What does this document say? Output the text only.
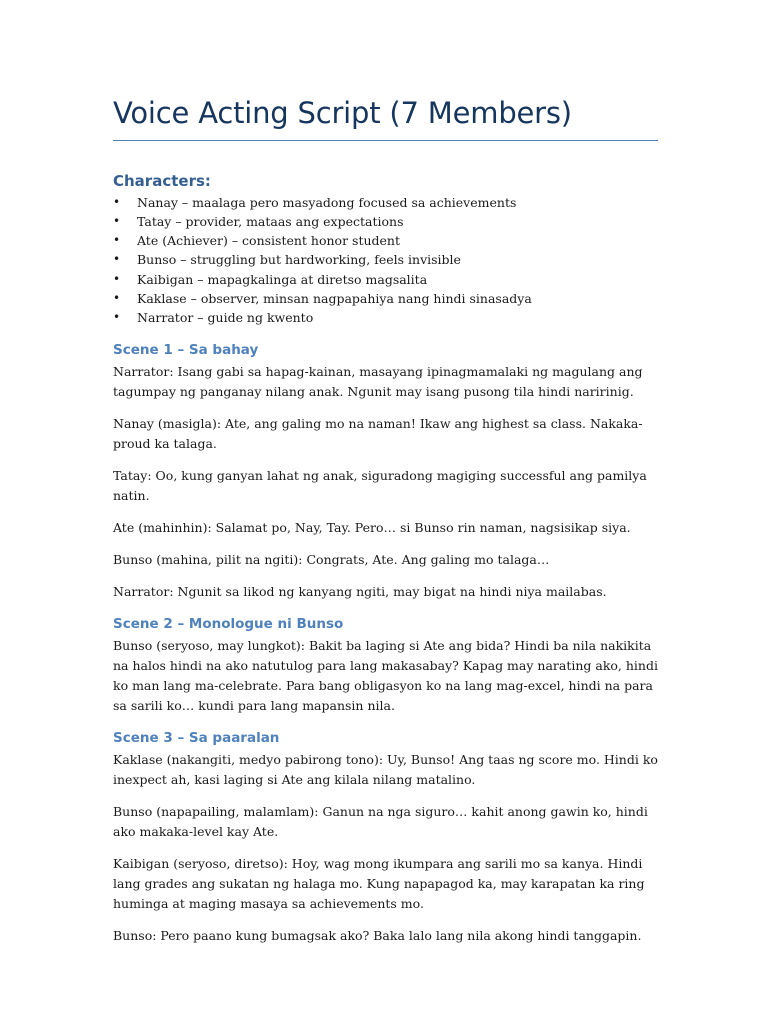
Voice Acting Script (7 Members)
Characters:
• Nanay – maalaga pero masyadong focused sa achievements
• Tatay – provider, mataas ang expectations
• Ate (Achiever) – consistent honor student
• Bunso – struggling but hardworking, feels invisible
• Kaibigan – mapagkalinga at diretso magsalita
• Kaklase – observer, minsan nagpapahiya nang hindi sinasadya
• Narrator – guide ng kwento
Scene 1 – Sa bahay

Narrator: Isang gabi sa hapag-kainan, masayang ipinagmamalaki ng magulang ang tagumpay ng panganay nilang anak. Ngunit may isang pusong tila hindi naririnig.

Nanay (masigla): Ate, ang galing mo na naman! Ikaw ang highest sa class. Nakaka-proud ka talaga.

Tatay: Oo, kung ganyan lahat ng anak, siguradong magiging successful ang pamilya natin.

Ate (mahinhin): Salamat po, Nay, Tay. Pero… si Bunso rin naman, nagsisikap siya.

Bunso (mahina, pilit na ngiti): Congrats, Ate. Ang galing mo talaga…

Narrator: Ngunit sa likod ng kanyang ngiti, may bigat na hindi niya mailabas.

Scene 2 – Monologue ni Bunso

Bunso (seryoso, may lungkot): Bakit ba laging si Ate ang bida? Hindi ba nila nakikita na halos hindi na ako natutulog para lang makasabay? Kapag may narating ako, hindi ko man lang ma-celebrate. Para bang obligasyon ko na lang mag-excel, hindi na para sa sarili ko… kundi para lang mapansin nila.

Scene 3 – Sa paaralan

Kaklase (nakangiti, medyo pabirong tono): Uy, Bunso! Ang taas ng score mo. Hindi ko inexpect ah, kasi laging si Ate ang kilala nilang matalino.

Bunso (napapailing, malamlam): Ganun na nga siguro… kahit anong gawin ko, hindi ako makaka-level kay Ate.

Kaibigan (seryoso, diretso): Hoy, wag mong ikumpara ang sarili mo sa kanya. Hindi lang grades ang sukatan ng halaga mo. Kung napapagod ka, may karapatan ka ring huminga at maging masaya sa achievements mo.

Bunso: Pero paano kung bumagsak ako? Baka lalo lang nila akong hindi tanggapin.
